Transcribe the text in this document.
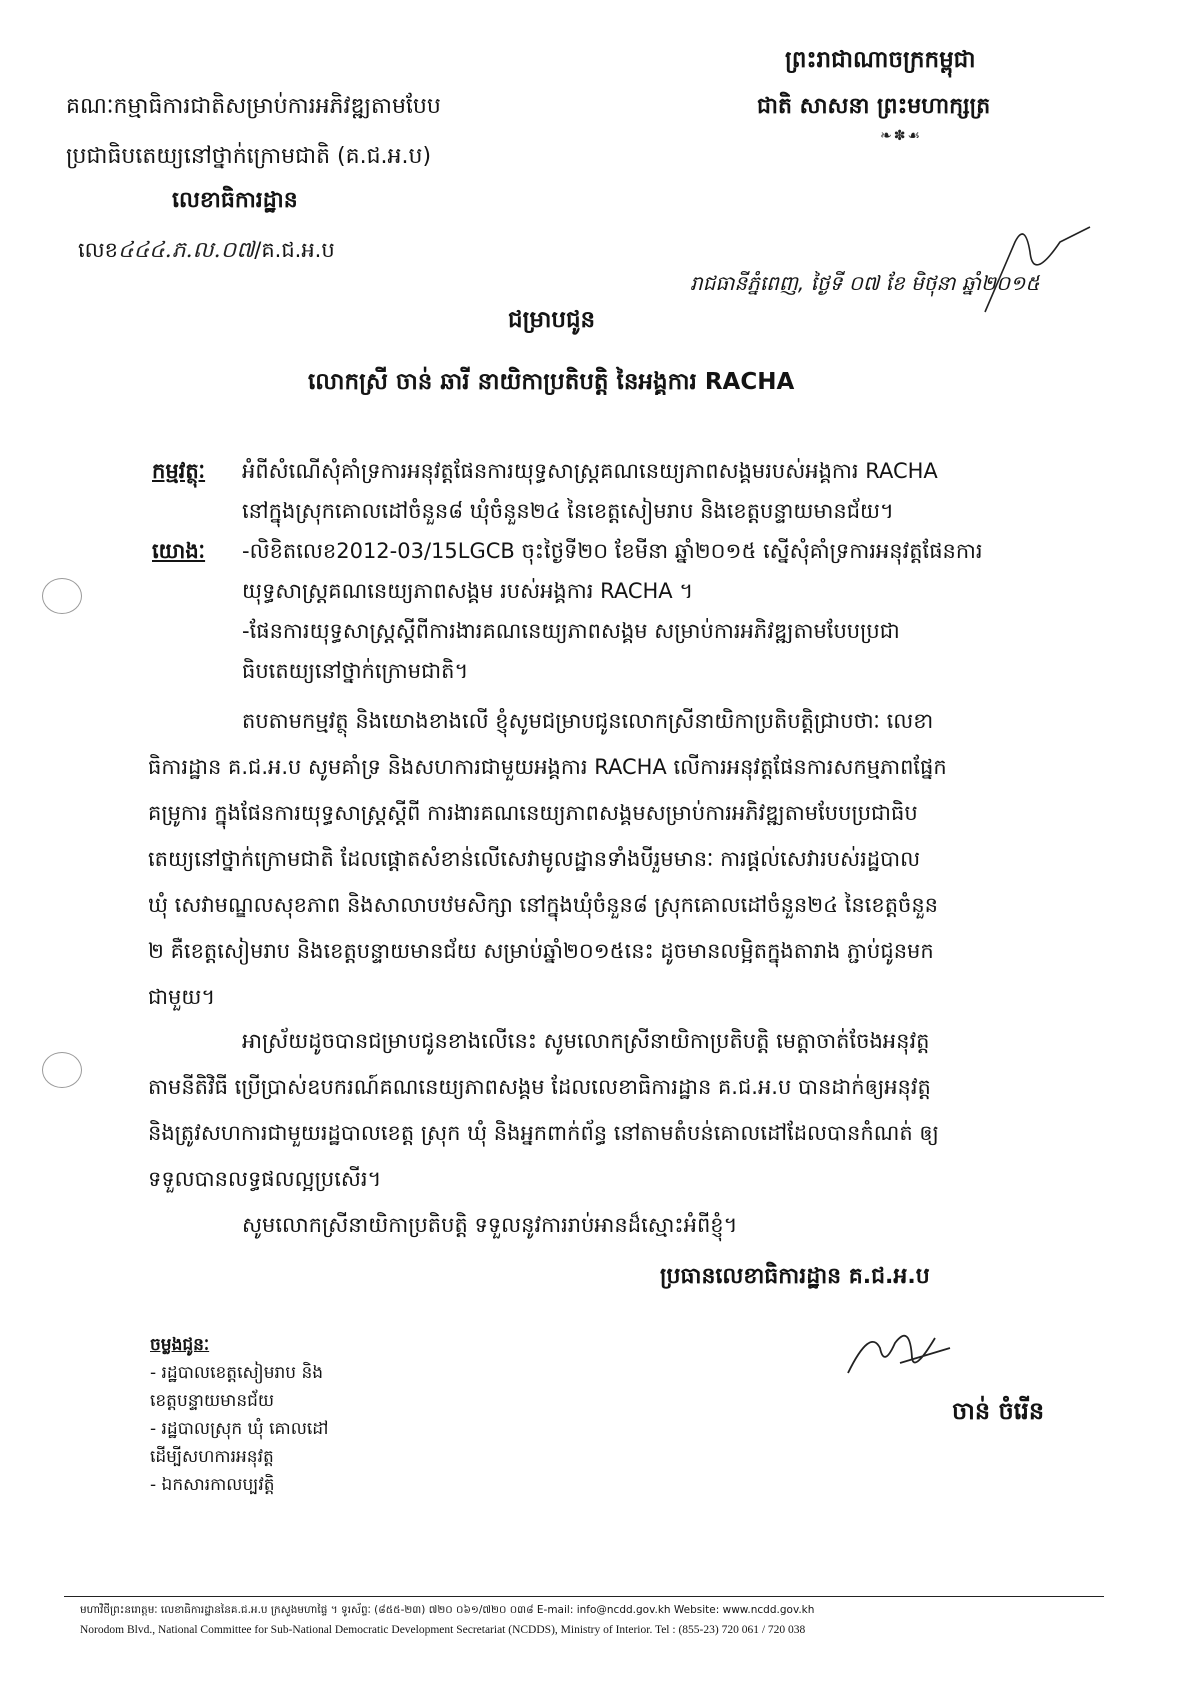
ព្រះរាជាណាចក្រកម្ពុជា
ជាតិ សាសនា ព្រះមហាក្សត្រ
❧✽☙
គណៈកម្មាធិការជាតិសម្រាប់ការអភិវឌ្ឍតាមបែប
ប្រជាធិបតេយ្យនៅថ្នាក់ក្រោមជាតិ (គ.ជ.អ.ប)
លេខាធិការដ្ឋាន
លេខ៤៤៤.ភ.ល.០៧/គ.ជ.អ.ប
រាជធានីភ្នំពេញ, ថ្ងៃទី ០៧ ខែ មិថុនា ឆ្នាំ២០១៥
ជម្រាបជូន
លោកស្រី ចាន់ ឆារី នាយិកាប្រតិបត្តិ នៃអង្គការ RACHA
កម្មវត្ថុៈ អំពីសំណើសុំគាំទ្រការអនុវត្តផែនការយុទ្ធសាស្ត្រគណនេយ្យភាពសង្គមរបស់អង្គការ RACHA
នៅក្នុងស្រុកគោលដៅចំនួន៨ ឃុំចំនួន២៤ នៃខេត្តសៀមរាប និងខេត្តបន្ទាយមានជ័យ។
យោងៈ -លិខិតលេខ2012-03/15LGCB ចុះថ្ងៃទី២០ ខែមីនា ឆ្នាំ២០១៥ ស្នើសុំគាំទ្រការអនុវត្តផែនការ
យុទ្ធសាស្ត្រគណនេយ្យភាពសង្គម របស់អង្គការ RACHA ។
-ផែនការយុទ្ធសាស្ត្រស្ដីពីការងារគណនេយ្យភាពសង្គម សម្រាប់ការអភិវឌ្ឍតាមបែបប្រជា
ធិបតេយ្យនៅថ្នាក់ក្រោមជាតិ។
តបតាមកម្មវត្ថុ និងយោងខាងលើ ខ្ញុំសូមជម្រាបជូនលោកស្រីនាយិកាប្រតិបត្តិជ្រាបថាៈ លេខា
ធិការដ្ឋាន គ.ជ.អ.ប សូមគាំទ្រ និងសហការជាមួយអង្គការ RACHA លើការអនុវត្តផែនការសកម្មភាពផ្នែក
គម្រូការ ក្នុងផែនការយុទ្ធសាស្ត្រស្ដីពី ការងារគណនេយ្យភាពសង្គមសម្រាប់ការអភិវឌ្ឍតាមបែបប្រជាធិប
តេយ្យនៅថ្នាក់ក្រោមជាតិ ដែលផ្តោតសំខាន់លើសេវាមូលដ្ឋានទាំងបីរួមមានៈ ការផ្តល់សេវារបស់រដ្ឋបាល
ឃុំ សេវាមណ្ឌលសុខភាព និងសាលាបឋមសិក្សា នៅក្នុងឃុំចំនួន៨ ស្រុកគោលដៅចំនួន២៤ នៃខេត្តចំនួន
២ គឺខេត្តសៀមរាប និងខេត្តបន្ទាយមានជ័យ សម្រាប់ឆ្នាំ២០១៥នេះ ដូចមានលម្អិតក្នុងតារាង ភ្ជាប់ជូនមក
ជាមួយ។
អាស្រ័យដូចបានជម្រាបជូនខាងលើនេះ សូមលោកស្រីនាយិកាប្រតិបត្តិ មេត្តាចាត់ចែងអនុវត្ត
តាមនីតិវិធី ប្រើប្រាស់ឧបករណ៍គណនេយ្យភាពសង្គម ដែលលេខាធិការដ្ឋាន គ.ជ.អ.ប បានដាក់ឲ្យអនុវត្ត
និងត្រូវសហការជាមួយរដ្ឋបាលខេត្ត ស្រុក ឃុំ និងអ្នកពាក់ព័ន្ធ នៅតាមតំបន់គោលដៅដែលបានកំណត់ ឲ្យ
ទទួលបានលទ្ធផលល្អប្រសើរ។
សូមលោកស្រីនាយិកាប្រតិបត្តិ ទទួលនូវការរាប់អានដ៏ស្មោះអំពីខ្ញុំ។
ប្រធានលេខាធិការដ្ឋាន គ.ជ.អ.ប
ចាន់ ចំរើន
ចម្លងជូនៈ
- រដ្ឋបាលខេត្តសៀមរាប និង
ខេត្តបន្ទាយមានជ័យ
- រដ្ឋបាលស្រុក ឃុំ គោលដៅ
ដើម្បីសហការអនុវត្ត
- ឯកសារកាលប្បវត្តិ
មហាវិថីព្រះនរោត្តមៈ លេខាធិការដ្ឋាននៃគ.ជ.អ.ប ក្រសួងមហាផ្ទៃ ។ ទូរស័ព្ទៈ (៨៥៥-២៣) ៧២០ ០៦១/៧២០ ០៣៨ E-mail: info@ncdd.gov.kh Website: www.ncdd.gov.kh
Norodom Blvd., National Committee for Sub-National Democratic Development Secretariat (NCDDS), Ministry of Interior. Tel : (855-23) 720 061 / 720 038
